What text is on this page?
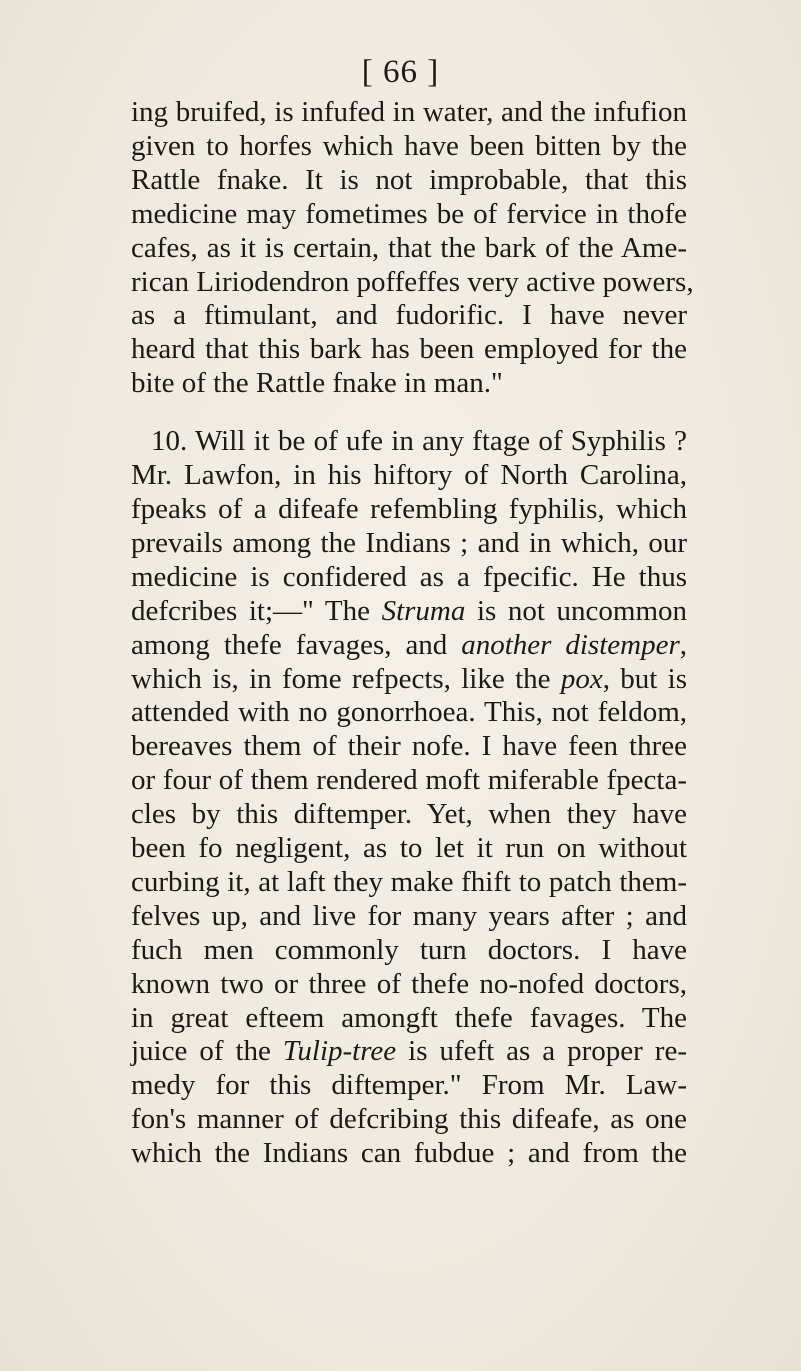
[ 66 ]
ing bruifed, is infufed in water, and the infufion
given to horfes which have been bitten by the
Rattle fnake. It is not improbable, that this
medicine may fometimes be of fervice in thofe
cafes, as it is certain, that the bark of the Ame-
rican Liriodendron poffeffes very active powers,
as a ftimulant, and fudorific. I have never
heard that this bark has been employed for the
bite of the Rattle fnake in man."
10. Will it be of ufe in any ftage of Syphilis ?
Mr. Lawfon, in his hiftory of North Carolina,
fpeaks of a difeafe refembling fyphilis, which
prevails among the Indians ; and in which, our
medicine is confidered as a fpecific. He thus
defcribes it;—" The Struma is not uncommon
among thefe favages, and another distemper,
which is, in fome refpects, like the pox, but is
attended with no gonorrhoea. This, not feldom,
bereaves them of their nofe. I have feen three
or four of them rendered moft miferable fpecta-
cles by this diftemper. Yet, when they have
been fo negligent, as to let it run on without
curbing it, at laft they make fhift to patch them-
felves up, and live for many years after ; and
fuch men commonly turn doctors. I have
known two or three of thefe no-nofed doctors,
in great efteem amongft thefe favages. The
juice of the Tulip-tree is ufeft as a proper re-
medy for this diftemper." From Mr. Law-
fon's manner of defcribing this difeafe, as one
which the Indians can fubdue ; and from the
